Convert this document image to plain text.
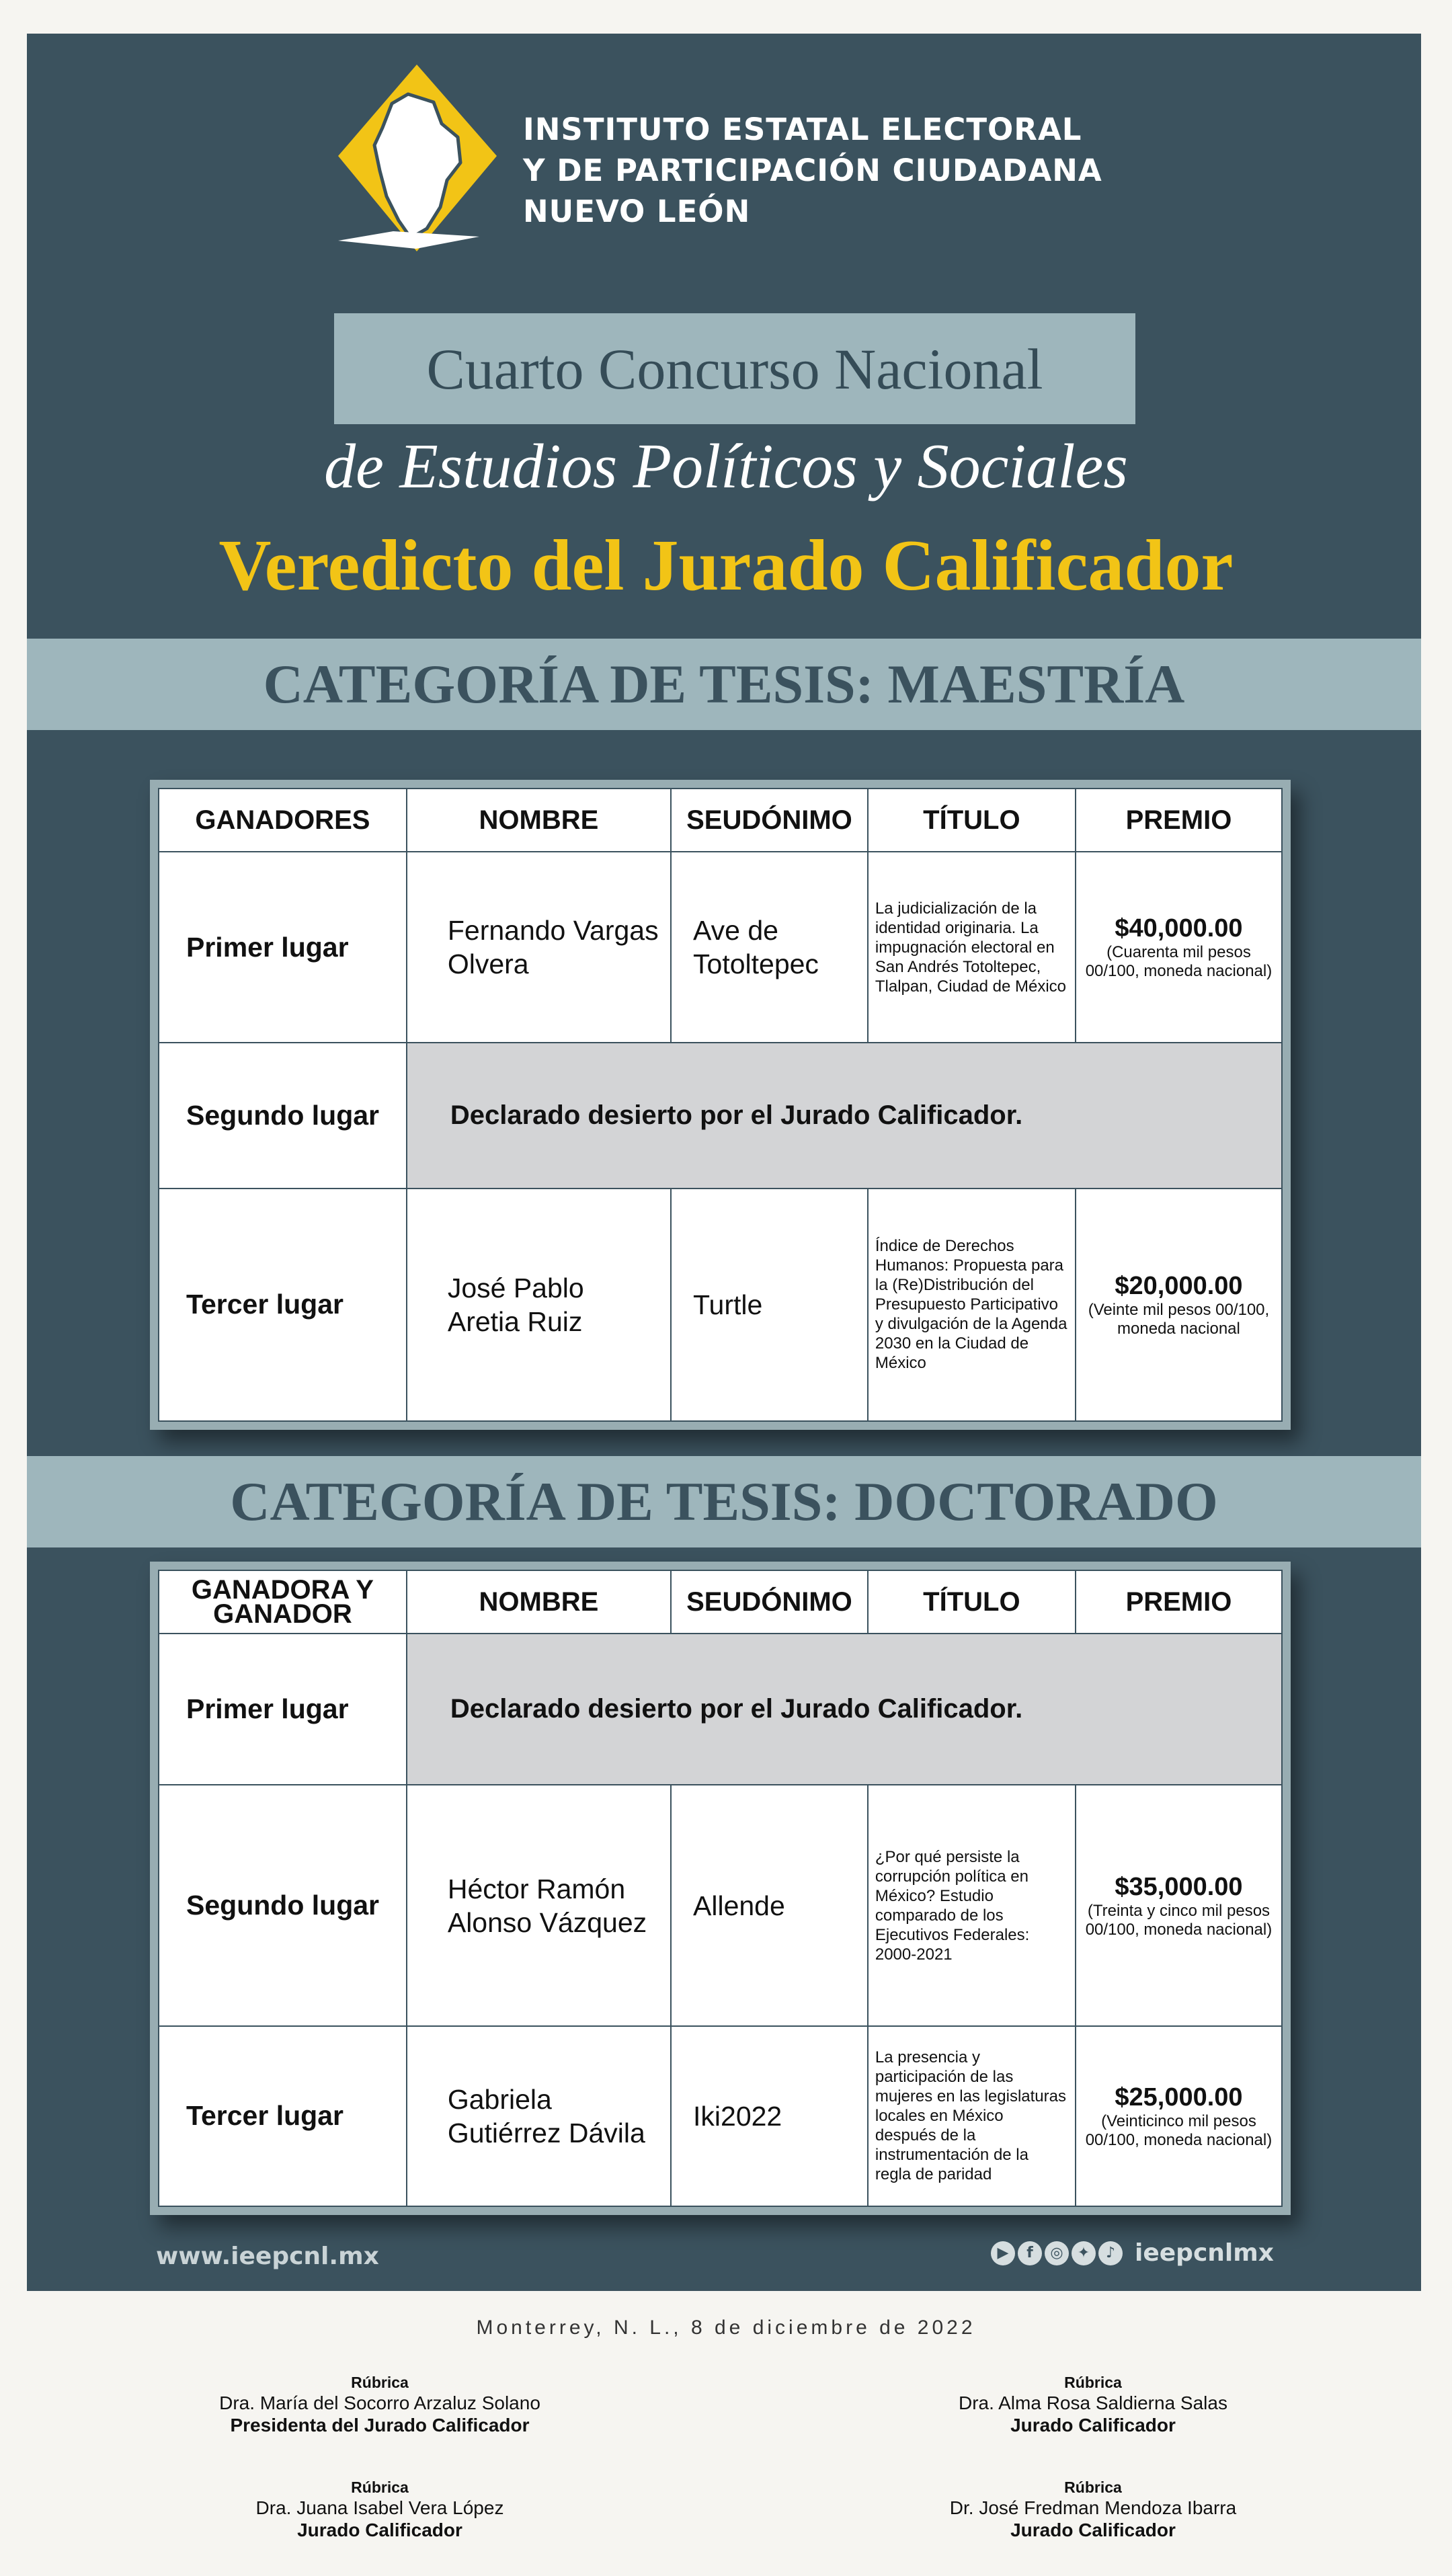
INSTITUTO ESTATAL ELECTORAL
Y DE PARTICIPACIÓN CIUDADANA
NUEVO LEÓN
Cuarto Concurso Nacional
de Estudios Políticos y Sociales
Veredicto del Jurado Calificador
CATEGORÍA DE TESIS: MAESTRÍA
GANADORES	NOMBRE	SEUDÓNIMO	TÍTULO	PREMIO
Primer lugar	Fernando Vargas Olvera	Ave de Totoltepec	La judicialización de la identidad originaria. La impugnación electoral en San Andrés Totoltepec, Tlalpan, Ciudad de México	$40,000.00
(Cuarenta mil pesos 00/100, moneda nacional)

Segundo lugar	Declarado desierto por el Jurado Calificador.			
Tercer lugar	José Pablo Aretia Ruiz	Turtle	Índice de Derechos Humanos: Propuesta para la (Re)Distribución del Presupuesto Participativo y divulgación de la Agenda 2030 en la Ciudad de México	$20,000.00
(Veinte mil pesos 00/100, moneda nacional
CATEGORÍA DE TESIS: DOCTORADO
GANADORA Y GANADOR	NOMBRE	SEUDÓNIMO	TÍTULO	PREMIO
Primer lugar	Declarado desierto por el Jurado Calificador.			
Segundo lugar	Héctor Ramón Alonso Vázquez	Allende	¿Por qué persiste la corrupción política en México? Estudio comparado de los Ejecutivos Federales: 2000-2021	$35,000.00
(Treinta y cinco mil pesos 00/100, moneda nacional)

Tercer lugar	Gabriela Gutiérrez Dávila	Iki2022	La presencia y participación de las mujeres en las legislaturas locales en México después de la instrumentación de la regla de paridad	$25,000.00
(Veinticinco mil pesos 00/100, moneda nacional)
www.ieepcnl.mx	▶	f	◎ ✦	♪ ieepcnlmx
Monterrey, N. L., 8 de diciembre de 2022
Rúbrica
Dra. María del Socorro Arzaluz Solano
Presidenta del Jurado Calificador
Rúbrica
Dra. Alma Rosa Saldierna Salas
Jurado Calificador
Rúbrica
Dra. Juana Isabel Vera López
Jurado Calificador
Rúbrica
Dr. José Fredman Mendoza Ibarra
Jurado Calificador
